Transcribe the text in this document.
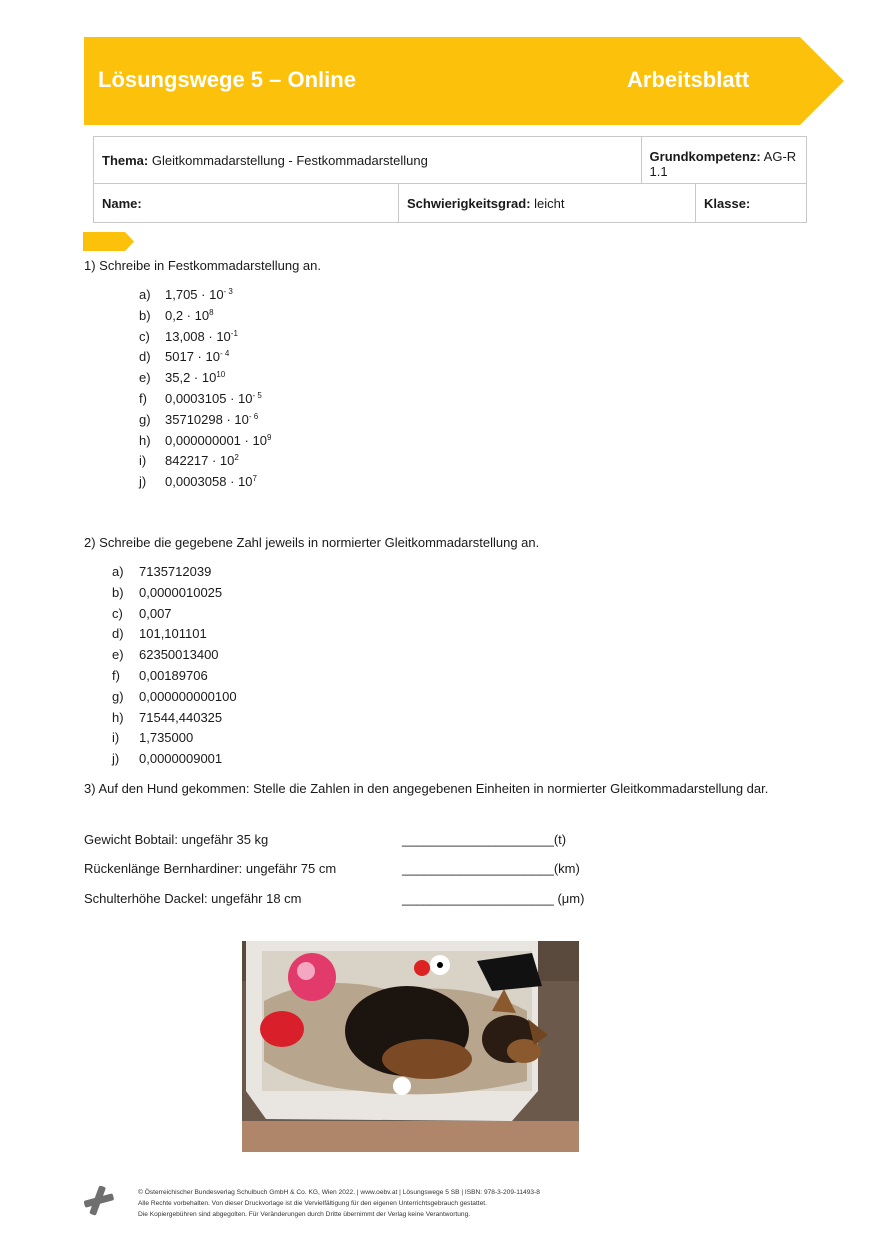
Lösungswege 5 – Online	Arbeitsblatt
Thema: Gleitkommadarstellung - Festkommadarstellung		Grundkompetenz: AG-R 1.1	
Name:	Schwierigkeitsgrad: leicht		Klasse:
1) Schreibe in Festkommadarstellung an.
a) $1,705 \cdot 10^{- 3}$
b) $0,2 \cdot 10^8$
c) $13,008 \cdot 10^{-1}$
d) $5017 \cdot 10^{- 4}$
e) $35,2 \cdot 10^{10}$
f) $0,0003105 \cdot 10^{- 5}$
g) $35710298 \cdot 10^{- 6}$
h) $0,000000001 \cdot 10^9$
i) $842217 \cdot 10^2$
j) $0,0003058 \cdot 10^7$
2) Schreibe die gegebene Zahl jeweils in normierter Gleitkommadarstellung an.
a) 7135712039
b) 0,0000010025
c) 0,007
d) 101,101101
e) 62350013400
f) 0,00189706
g) 0,000000000100
h) 71544,440325
i) 1,735000
j) 0,0000009001
3) Auf den Hund gekommen: Stelle die Zahlen in den angegebenen Einheiten in normierter Gleitkommadarstellung dar.
Gewicht Bobtail: ungefähr 35 kg	_____________________(t)
Rückenlänge Bernhardiner: ungefähr 75 cm	_____________________(km)
Schulterhöhe Dackel: ungefähr 18 cm	_____________________ (μm)
© Österreichischer Bundesverlag Schulbuch GmbH & Co. KG, Wien 2022. | www.oebv.at | Lösungswege 5 SB | ISBN: 978-3-209-11493-8
Alle Rechte vorbehalten. Von dieser Druckvorlage ist die Vervielfältigung für den eigenen Unterrichtsgebrauch gestattet.
Die Kopiergebühren sind abgegolten. Für Veränderungen durch Dritte übernimmt der Verlag keine Verantwortung.
